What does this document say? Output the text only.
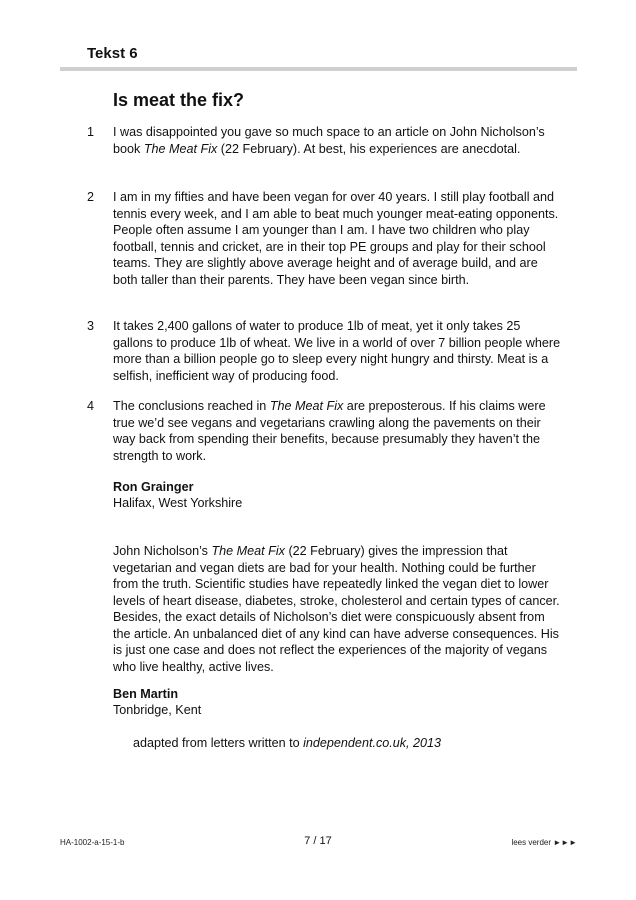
Tekst 6
Is meat the fix?
1 I was disappointed you gave so much space to an article on John Nicholson’s book The Meat Fix (22 February). At best, his experiences are anecdotal.

2 I am in my fifties and have been vegan for over 40 years. I still play football and tennis every week, and I am able to beat much younger meat-eating opponents. People often assume I am younger than I am. I have two children who play football, tennis and cricket, are in their top PE groups and play for their school teams. They are slightly above average height and of average build, and are both taller than their parents. They have been vegan since birth.

3 It takes 2,400 gallons of water to produce 1lb of meat, yet it only takes 25 gallons to produce 1lb of wheat. We live in a world of over 7 billion people where more than a billion people go to sleep every night hungry and thirsty. Meat is a selfish, inefficient way of producing food.

4 The conclusions reached in The Meat Fix are preposterous. If his claims were true we’d see vegans and vegetarians crawling along the pavements on their way back from spending their benefits, because presumably they haven’t the strength to work.

Ron Grainger
Halifax, West Yorkshire

John Nicholson’s The Meat Fix (22 February) gives the impression that vegetarian and vegan diets are bad for your health. Nothing could be further from the truth. Scientific studies have repeatedly linked the vegan diet to lower levels of heart disease, diabetes, stroke, cholesterol and certain types of cancer. Besides, the exact details of Nicholson’s diet were conspicuously absent from the article. An unbalanced diet of any kind can have adverse consequences. His is just one case and does not reflect the experiences of the majority of vegans who live healthy, active lives.

Ben Martin
Tonbridge, Kent
adapted from letters written to independent.co.uk, 2013
HA-1002-a-15-1-b	7 / 17	lees verder ►►►
